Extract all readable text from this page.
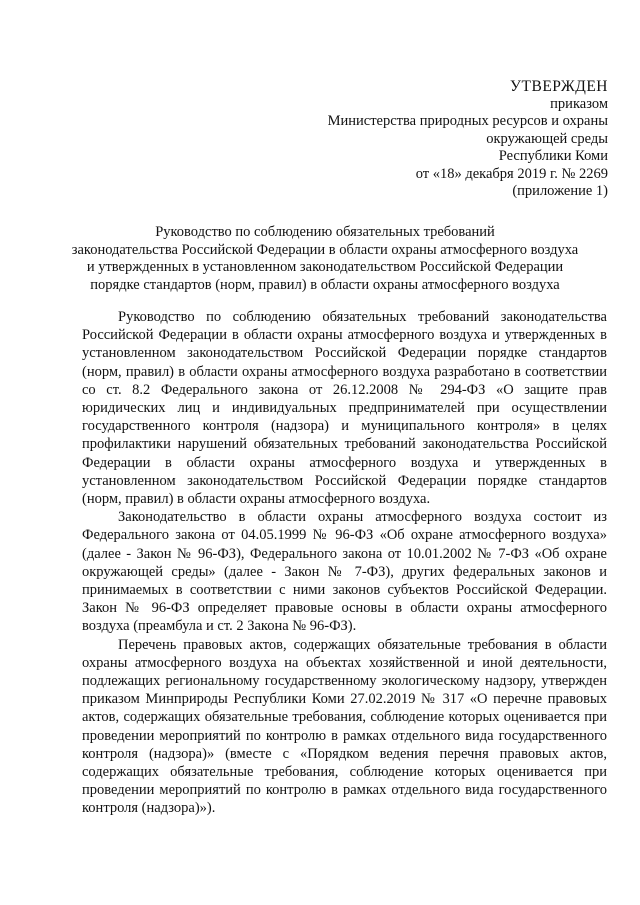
УТВЕРЖДЕН
приказом
Министерства природных ресурсов и охраны
окружающей среды
Республики Коми
от «18» декабря 2019 г. № 2269
(приложение 1)
Руководство по соблюдению обязательных требований
законодательства Российской Федерации в области охраны атмосферного воздуха
и утвержденных в установленном законодательством Российской Федерации
порядке стандартов (норм, правил) в области охраны атмосферного воздуха

Руководство по соблюдению обязательных требований законодательства Российской Федерации в области охраны атмосферного воздуха и утвержденных в установленном законодательством Российской Федерации порядке стандартов (норм, правил) в области охраны атмосферного воздуха разработано в соответствии со ст. 8.2 Федерального закона от 26.12.2008 № 294-ФЗ «О защите прав юридических лиц и индивидуальных предпринимателей при осуществлении государственного контроля (надзора) и муниципального контроля» в целях профилактики нарушений обязательных требований законодательства Российской Федерации в области охраны атмосферного воздуха и утвержденных в установленном законодательством Российской Федерации порядке стандартов (норм, правил) в области охраны атмосферного воздуха.

Законодательство в области охраны атмосферного воздуха состоит из Федерального закона от 04.05.1999 № 96-ФЗ «Об охране атмосферного воздуха» (далее - Закон № 96-ФЗ), Федерального закона от 10.01.2002 № 7-ФЗ «Об охране окружающей среды» (далее - Закон № 7-ФЗ), других федеральных законов и принимаемых в соответствии с ними законов субъектов Российской Федерации. Закон № 96-ФЗ определяет правовые основы в области охраны атмосферного воздуха (преамбула и ст. 2 Закона № 96-ФЗ).

Перечень правовых актов, содержащих обязательные требования в области охраны атмосферного воздуха на объектах хозяйственной и иной деятельности, подлежащих региональному государственному экологическому надзору, утвержден приказом Минприроды Республики Коми 27.02.2019 № 317 «О перечне правовых актов, содержащих обязательные требования, соблюдение которых оценивается при проведении мероприятий по контролю в рамках отдельного вида государственного контроля (надзора)» (вместе с «Порядком ведения перечня правовых актов, содержащих обязательные требования, соблюдение которых оценивается при проведении мероприятий по контролю в рамках отдельного вида государственного контроля (надзора)»).
